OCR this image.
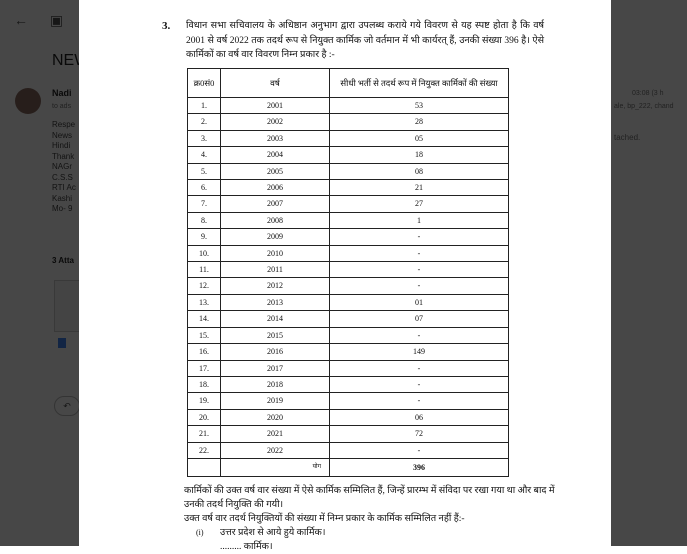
3. विधान सभा सचिवालय के अधिष्ठान अनुभाग द्वारा उपलब्ध कराये गये विवरण से यह स्पष्ट होता है कि वर्ष 2001 से वर्ष 2022 तक तदर्थ रूप से नियुक्त कार्मिक जो वर्तमान में भी कार्यरत् हैं, उनकी संख्या 396 है। ऐसे कार्मिकों का वर्ष वार विवरण निम्न प्रकार है :-
क्र0सं0	वर्ष	सीधी भर्ती से तदर्थ रूप में नियुक्त कार्मिकों की संख्या
1.	2001	53
2.	2002	28
3.	2003	05
4.	2004	18
5.	2005	08
6.	2006	21
7.	2007	27
8.	2008	1
9.	2009	-
10.	2010	-
11.	2011	-
12.	2012	-
13.	2013	01
14.	2014	07
15.	2015	-
16.	2016	149
17.	2017	-
18.	2018	-
19.	2019	-
20.	2020	06
21.	2021	72
22.	2022	-
	योग	396
कार्मिकों की उक्त वर्ष वार संख्या में ऐसे कार्मिक सम्मिलित हैं, जिन्हें प्रारम्भ में संविदा पर रखा गया था और बाद में उनकी तदर्थ नियुक्ति की गयी।
उक्त वर्ष वार तदर्थ नियुक्तियों की संख्या में निम्न प्रकार के कार्मिक सम्मिलित नहीं हैं:-
(i) उत्तर प्रदेश से आये हुये कार्मिक।
......... कार्मिक।
